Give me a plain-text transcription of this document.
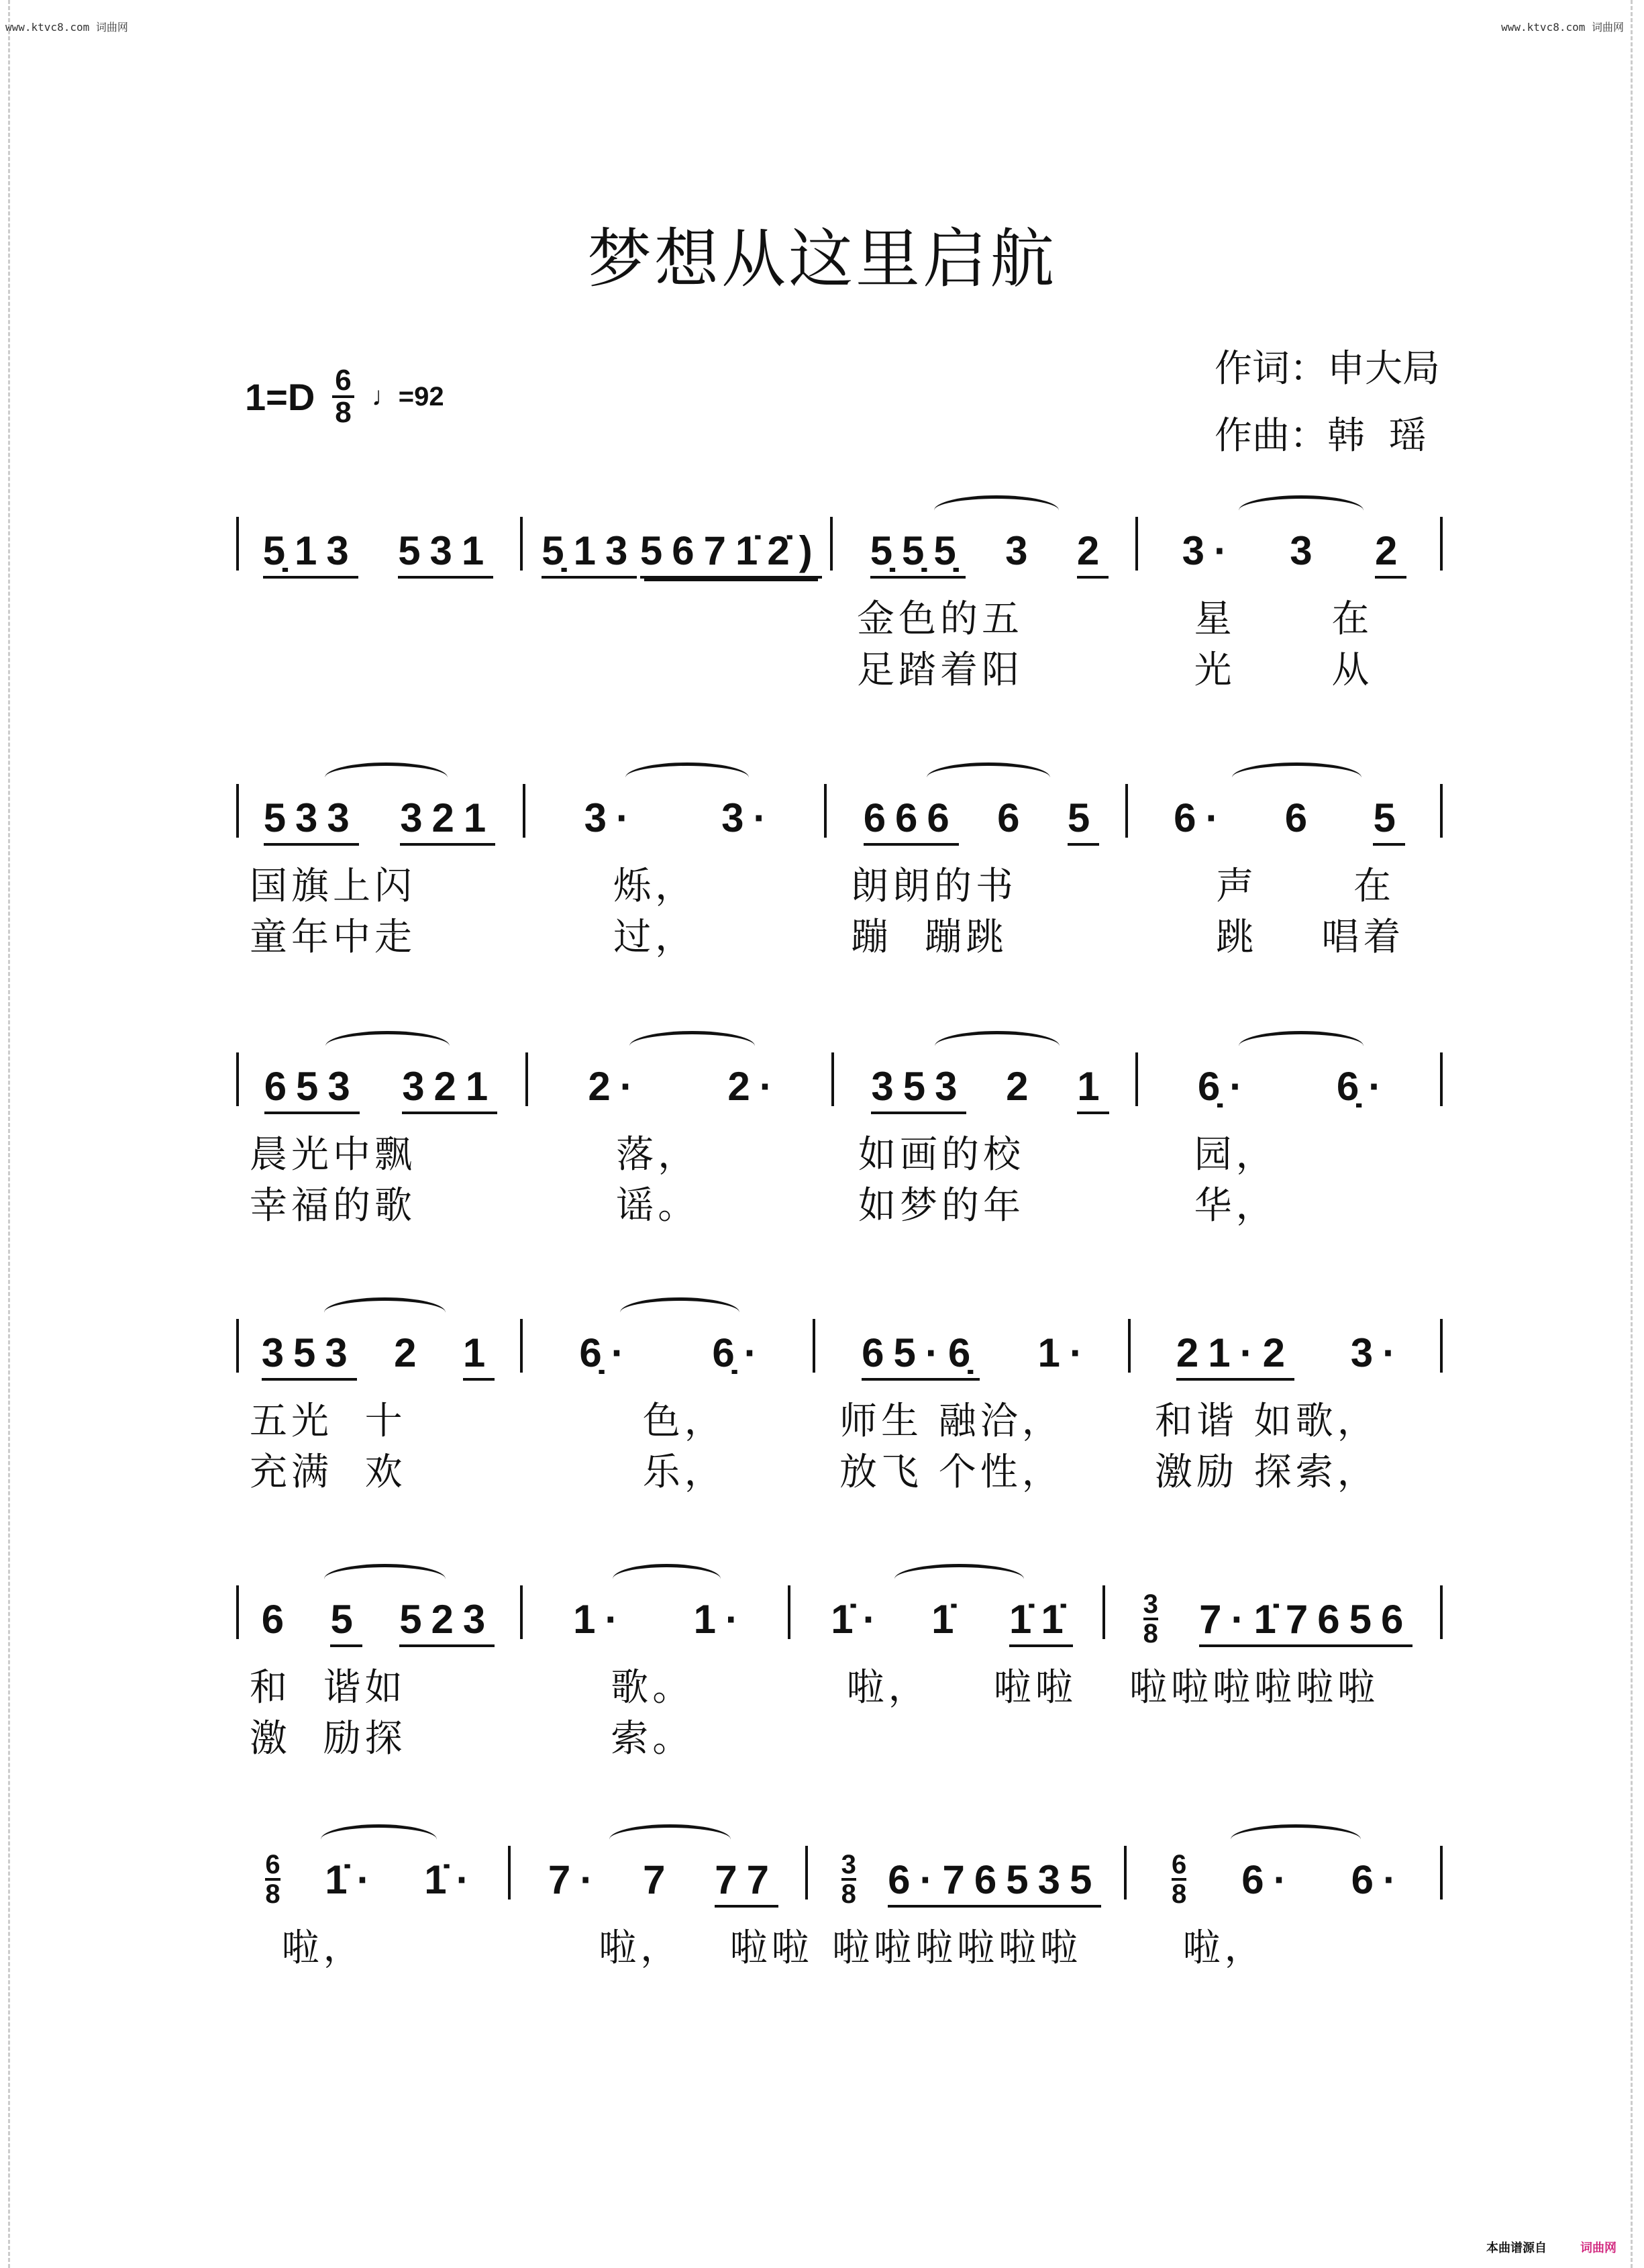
www.ktvc8.com 词曲网	www.ktvc8.com 词曲网
梦想从这里启航
$1=D \frac{6}{8}$ ♩=92
作词：申大局
作曲：韩  瑶
5̣13 531 5̣13 5671̇2̇) 5̣5̣5̣ 3 2
金色的五
足踏着阳
3· 3 2
星      在
光      从
533 321
国旗上闪
童年中走
3· 3·
烁，
过，
666 6 5
朗朗的书
蹦  蹦跳
6· 6 5
声      在
跳    唱着
653 321
晨光中飘
幸福的歌
2· 2·
落，
谣。
353 2 1
如画的校
如梦的年
6̣· 6̣·
园，
华，
353 2 1
五光  十
充满  欢
6̣· 6̣·
色，
乐，
65·6̣ 1·
师生 融洽，
放飞 个性，
21·2 3·
和谐 如歌，
激励 探索，
6 5 523
和  谐如
激  励探
1· 1·
歌。
索。
1̇· 1̇ 1̇1̇
啦，    啦啦
3
8 7·1̇7656
啦啦啦啦啦啦
6
8 1̇· 1̇·
啦，
7· 7 77
啦，   啦啦
3
8 6·76535
啦啦啦啦啦啦
6
8 6· 6·
啦，
本曲谱源自	词曲网
